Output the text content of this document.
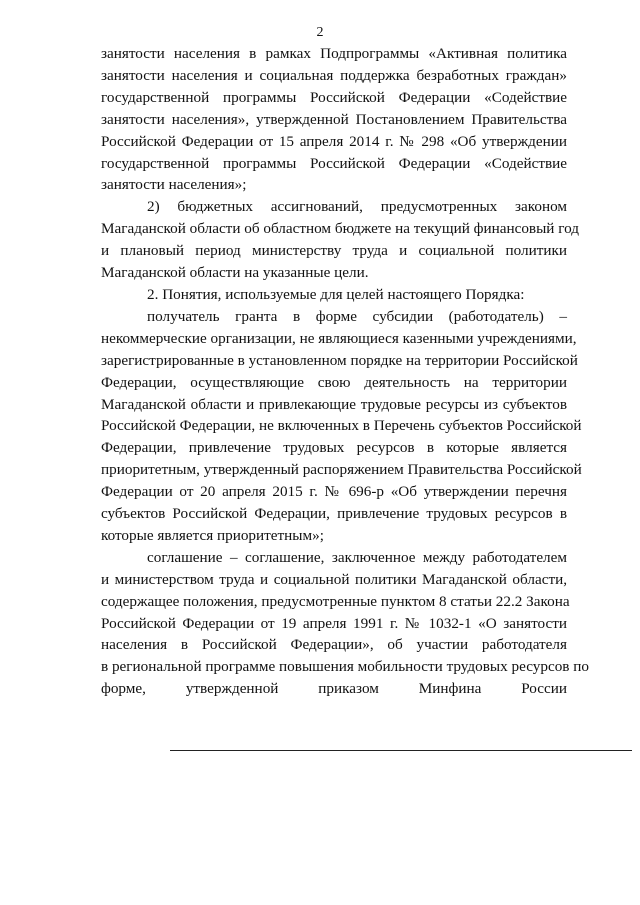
2
занятости населения в рамках Подпрограммы «Активная политика
занятости населения и социальная поддержка безработных граждан»
государственной программы Российской Федерации «Содействие
занятости населения», утвержденной Постановлением Правительства
Российской Федерации от 15 апреля 2014 г. № 298 «Об утверждении
государственной программы Российской Федерации «Содействие
занятости населения»;
2) бюджетных ассигнований, предусмотренных законом
Магаданской области об областном бюджете на текущий финансовый год
и плановый период министерству труда и социальной политики
Магаданской области на указанные цели.
2. Понятия, используемые для целей настоящего Порядка:
получатель гранта в форме субсидии (работодатель) –
некоммерческие организации, не являющиеся казенными учреждениями,
зарегистрированные в установленном порядке на территории Российской
Федерации, осуществляющие свою деятельность на территории
Магаданской области и привлекающие трудовые ресурсы из субъектов
Российской Федерации, не включенных в Перечень субъектов Российской
Федерации, привлечение трудовых ресурсов в которые является
приоритетным, утвержденный распоряжением Правительства Российской
Федерации от 20 апреля 2015 г. № 696-р «Об утверждении перечня
субъектов Российской Федерации, привлечение трудовых ресурсов в
которые является приоритетным»;
соглашение – соглашение, заключенное между работодателем
и министерством труда и социальной политики Магаданской области,
содержащее положения, предусмотренные пунктом 8 статьи 22.2 Закона
Российской Федерации от 19 апреля 1991 г. № 1032-1 «О занятости
населения в Российской Федерации», об участии работодателя
в региональной программе повышения мобильности трудовых ресурсов по
форме, утвержденной приказом Минфина России
